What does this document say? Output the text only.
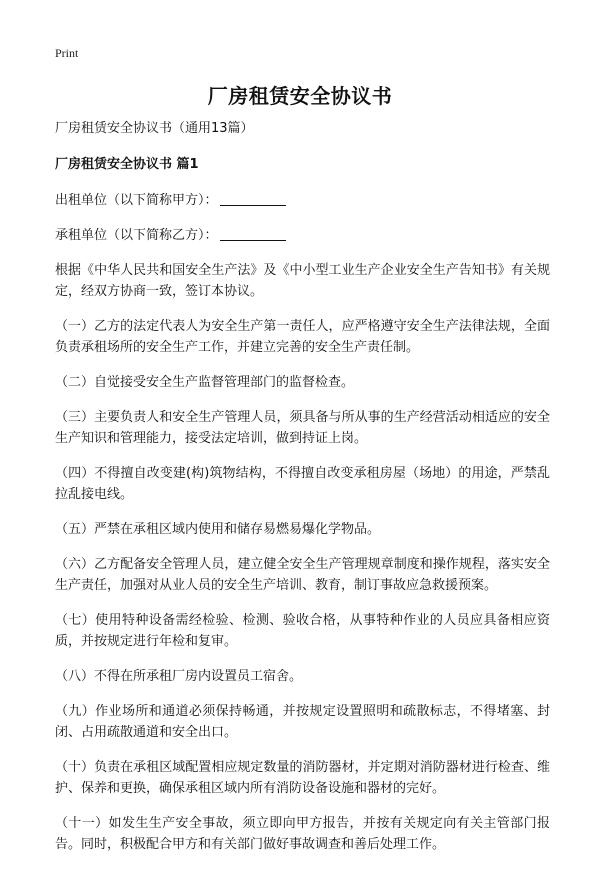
Print
厂房租赁安全协议书

厂房租赁安全协议书（通用13篇）

厂房租赁安全协议书 篇1

出租单位（以下简称甲方）：

承租单位（以下简称乙方）：

根据《中华人民共和国安全生产法》及《中小型工业生产企业安全生产告知书》有关规定，经双方协商一致，签订本协议。

（一）乙方的法定代表人为安全生产第一责任人，应严格遵守安全生产法律法规，全面负责承租场所的安全生产工作，并建立完善的安全生产责任制。

（二）自觉接受安全生产监督管理部门的监督检查。

（三）主要负责人和安全生产管理人员，须具备与所从事的生产经营活动相适应的安全生产知识和管理能力，接受法定培训，做到持证上岗。

（四）不得擅自改变建(构)筑物结构，不得擅自改变承租房屋（场地）的用途，严禁乱拉乱接电线。

（五）严禁在承租区域内使用和储存易燃易爆化学物品。

（六）乙方配备安全管理人员，建立健全安全生产管理规章制度和操作规程，落实安全生产责任，加强对从业人员的安全生产培训、教育，制订事故应急救援预案。

（七）使用特种设备需经检验、检测、验收合格，从事特种作业的人员应具备相应资质，并按规定进行年检和复审。

（八）不得在所承租厂房内设置员工宿舍。

（九）作业场所和通道必须保持畅通，并按规定设置照明和疏散标志，不得堵塞、封闭、占用疏散通道和安全出口。

（十）负责在承租区域配置相应规定数量的消防器材，并定期对消防器材进行检查、维护、保养和更换，确保承租区域内所有消防设备设施和器材的完好。

（十一）如发生生产安全事故，须立即向甲方报告，并按有关规定向有关主管部门报告。同时，积极配合甲方和有关部门做好事故调查和善后处理工作。
